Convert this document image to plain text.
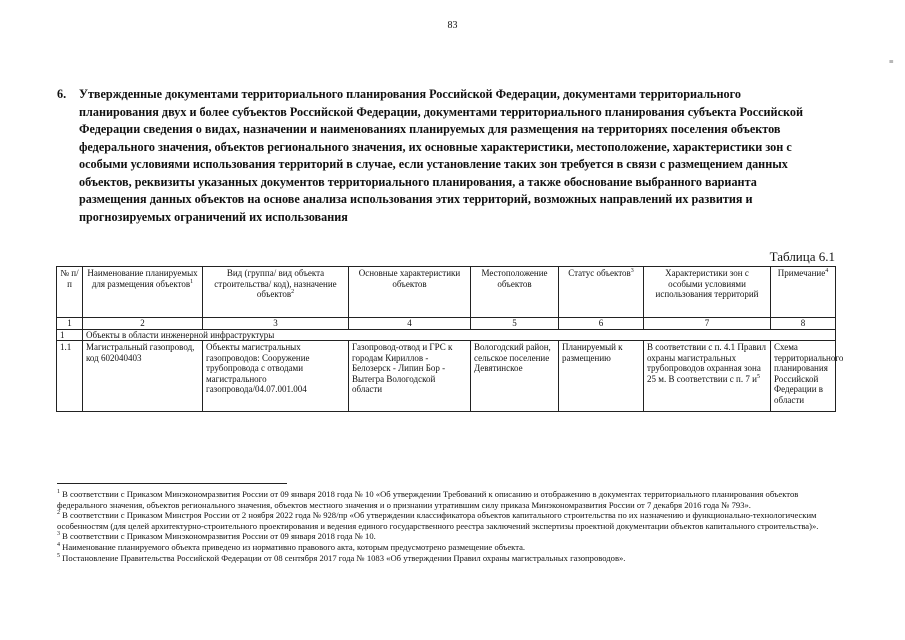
83
≡
6. Утвержденные документами территориального планирования Российской Федерации, документами территориального планирования двух и более субъектов Российской Федерации, документами территориального планирования субъекта Российской Федерации сведения о видах, назначении и наименованиях планируемых для размещения на территориях поселения объектов федерального значения, объектов регионального значения, их основные характеристики, местоположение, характеристики зон с особыми условиями использования территорий в случае, если установление таких зон требуется в связи с размещением данных объектов, реквизиты указанных документов территориального планирования, а также обоснование выбранного варианта размещения данных объектов на основе анализа использования этих территорий, возможных направлений их развития и прогнозируемых ограничений их использования
Таблица 6.1
№ п/п	Наименование планируемых для размещения объектов$^1$	Вид (группа/ вид объекта строительства/ код), назначение объектов$^2$	Основные характеристики объектов	Местоположение объектов	Статус объектов$^3$	Характеристики зон с особыми условиями использования территорий	Примечание$^4$
1	2	3	4	5	6	7	8
1	Объекты в области инженерной инфраструктуры						
1.1	Магистральный газопровод, код 602040403	Объекты магистральных газопроводов: Сооружение трубопровода с отводами магистрального газопровода/04.07.001.004	Газопровод-отвод и ГРС к городам Кириллов - Белозерск - Липин Бор - Вытегра Вологодской области	Вологодский район, сельское поселение Девятинское	Планируемый к размещению	В соответствии с п. 4.1 Правил охраны магистральных трубопроводов охранная зона 25 м. В соответствии с п. 7 $и^5$	Схема территориального планирования Российской Федерации в области

$^1$ В соответствии с Приказом Минэкономразвития России от 09 января 2018 года № 10 «Об утверждении Требований к описанию и отображению в документах территориального планирования объектов федерального значения, объектов регионального значения, объектов местного значения и о признании утратившим силу приказа Минэкономразвития России от 7 декабря 2016 года № 793».

$^2$ В соответствии с Приказом Минстроя России от 2 ноября 2022 года № 928/пр «Об утверждении классификатора объектов капитального строительства по их назначению и функционально-технологическим особенностям (для целей архитектурно-строительного проектирования и ведения единого государственного реестра заключений экспертизы проектной документации объектов капитального строительства)».

$^3$ В соответствии с Приказом Минэкономразвития России от 09 января 2018 года № 10.

$^4$ Наименование планируемого объекта приведено из нормативно правового акта, которым предусмотрено размещение объекта.

$^5$ Постановление Правительства Российской Федерации от 08 сентября 2017 года № 1083 «Об утверждении Правил охраны магистральных газопроводов».
